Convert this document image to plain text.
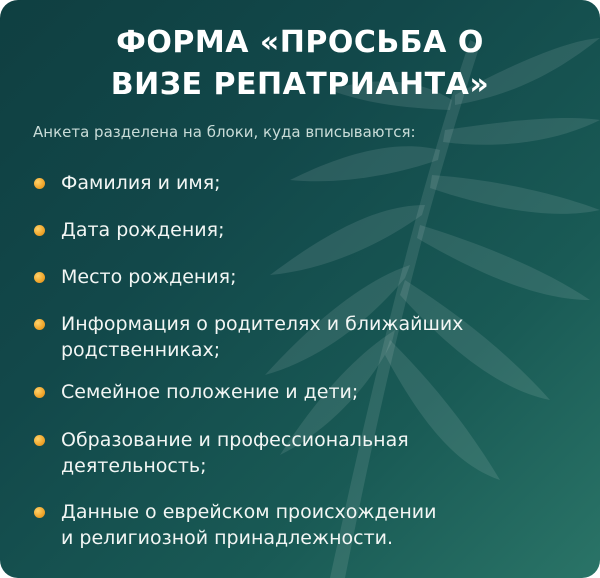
ФОРМА «ПРОСЬБА О
ВИЗЕ РЕПАТРИАНТА»

Анкета разделена на блоки, куда вписываются:

Фамилия и имя;
Дата рождения;
Место рождения;
Информация о родителях и ближайших
родственниках;
Семейное положение и дети;
Образование и профессиональная
деятельность;
Данные о еврейском происхождении
и религиозной принадлежности.
